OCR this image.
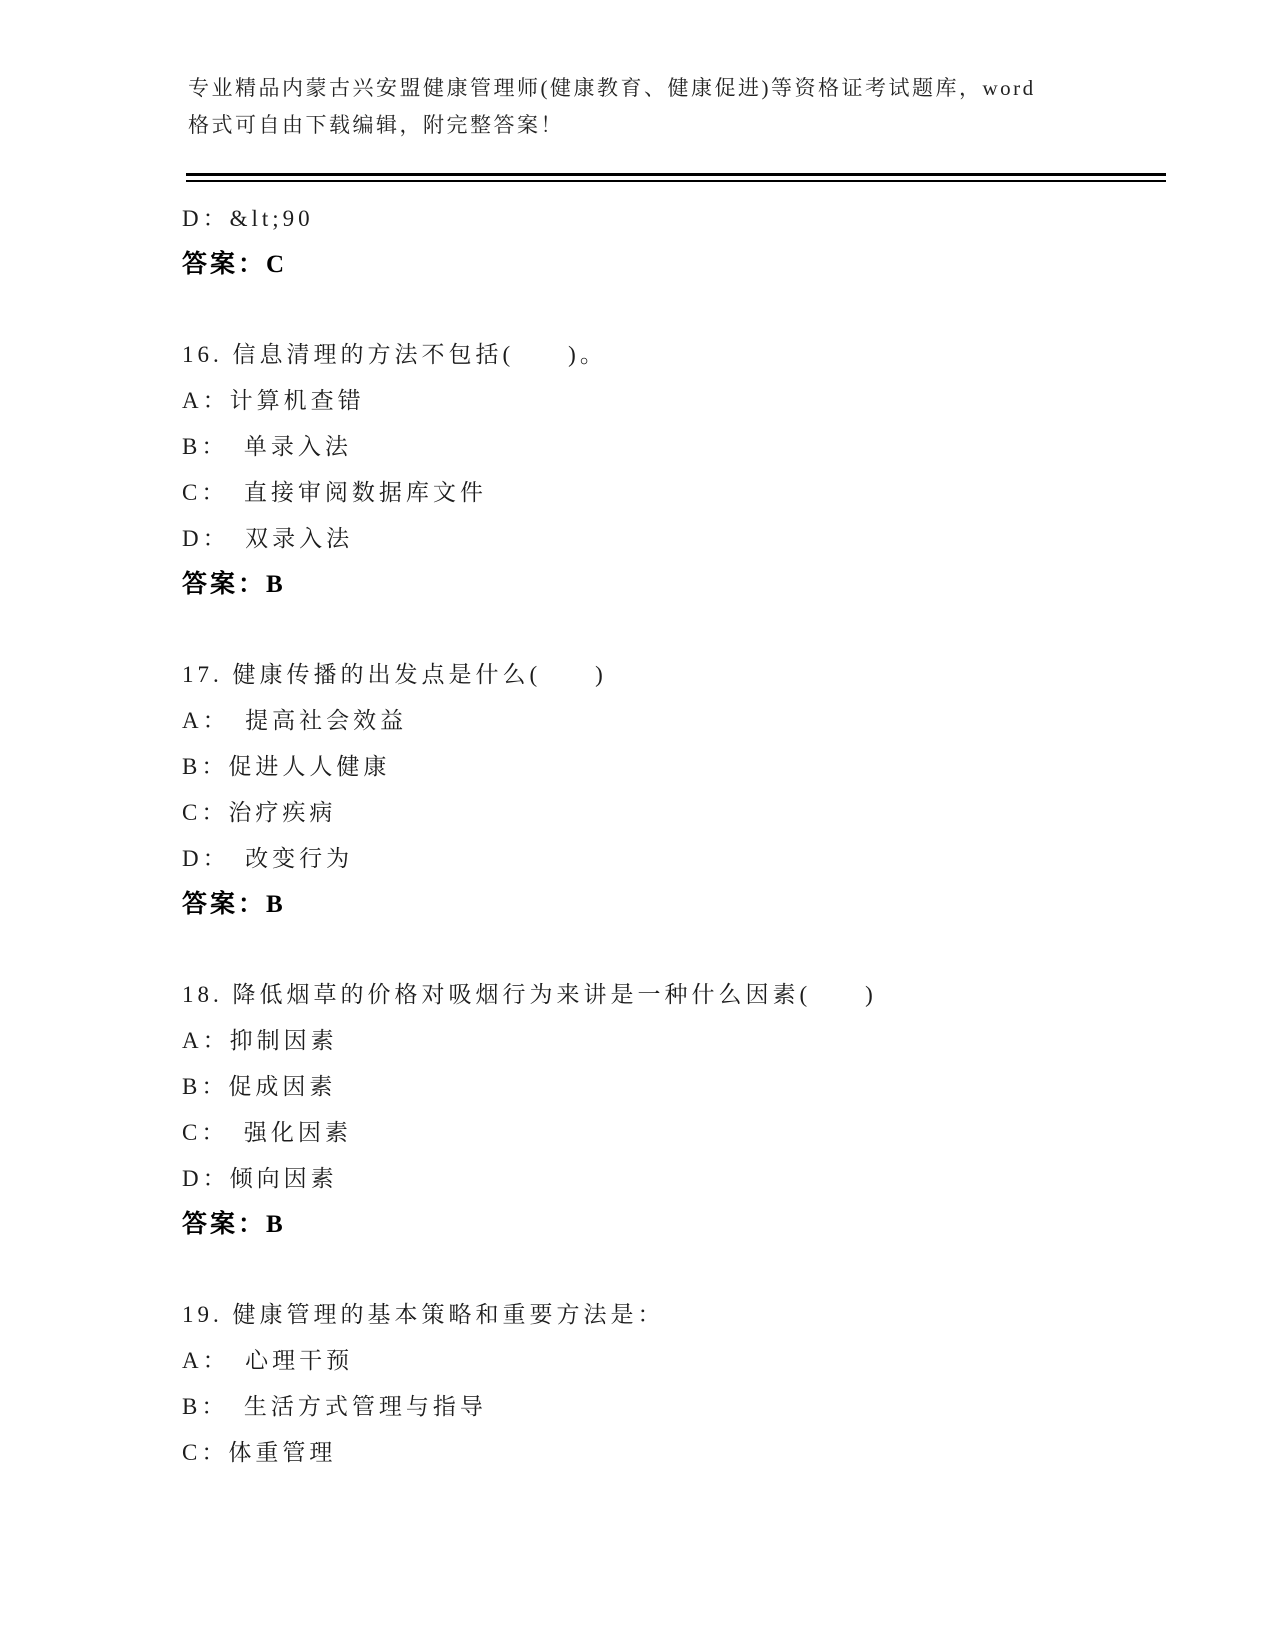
专业精品内蒙古兴安盟健康管理师(健康教育、健康促进)等资格证考试题库，word
格式可自由下载编辑，附完整答案！
D：&lt;90
答案：C
16. 信息清理的方法不包括(　　)。
A：计算机查错
B：　单录入法
C：　直接审阅数据库文件
D：　双录入法
答案：B
17. 健康传播的出发点是什么(　　)
A：　提高社会效益
B：促进人人健康
C：治疗疾病
D：　改变行为
答案：B
18. 降低烟草的价格对吸烟行为来讲是一种什么因素(　　)
A：抑制因素
B：促成因素
C：　强化因素
D：倾向因素
答案：B
19. 健康管理的基本策略和重要方法是：
A：　心理干预
B：　生活方式管理与指导
C：体重管理
